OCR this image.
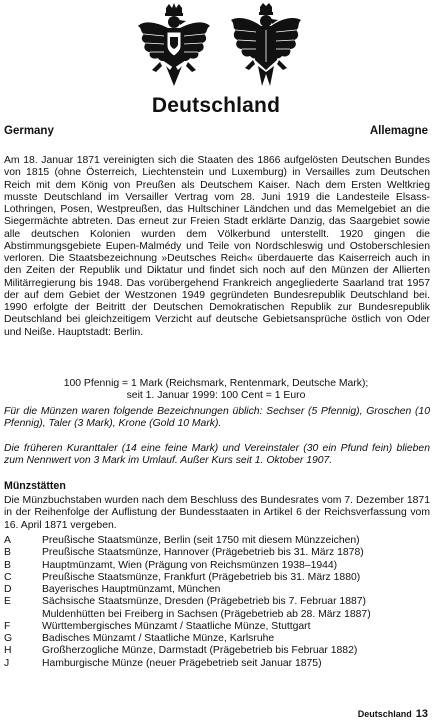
Deutschland
Germany	Allemagne

Am 18. Januar 1871 vereinigten sich die Staaten des 1866 aufgelösten Deutschen Bundes von 1815 (ohne Österreich, Liechtenstein und Luxemburg) in Versailles zum Deutschen Reich mit dem König von Preußen als Deutschem Kaiser. Nach dem Ersten Weltkrieg musste Deutschland im Versailler Vertrag vom 28. Juni 1919 die Landesteile Elsass-Lothringen, Posen, Westpreußen, das Hultschiner Ländchen und das Memelgebiet an die Siegermächte abtreten. Das erneut zur Freien Stadt erklärte Danzig, das Saargebiet sowie alle deutschen Kolonien wurden dem Völkerbund unterstellt. 1920 gingen die Abstimmungsgebiete Eupen-Malmédy und Teile von Nordschleswig und Ostoberschlesien verloren. Die Staatsbezeichnung »Deutsches Reich« überdauerte das Kaiserreich auch in den Zeiten der Republik und Diktatur und findet sich noch auf den Münzen der Allierten Militärregierung bis 1948. Das vorübergehend Frankreich angegliederte Saarland trat 1957 der auf dem Gebiet der Westzonen 1949 gegründeten Bundesrepublik Deutschland bei. 1990 erfolgte der Beitritt der Deutschen Demokratischen Republik zur Bundesrepublik Deutschland bei gleichzeitigem Verzicht auf deutsche Gebietsansprüche östlich von Oder und Neiße. Hauptstadt: Berlin.

100 Pfennig = 1 Mark (Reichsmark, Rentenmark, Deutsche Mark);
seit 1. Januar 1999: 100 Cent = 1 Euro

Für die Münzen waren folgende Bezeichnungen üblich: Sechser (5 Pfennig), Groschen (10 Pfennig), Taler (3 Mark), Krone (Gold 10 Mark).

Die früheren Kuranttaler (14 eine feine Mark) und Vereinstaler (30 ein Pfund fein) blieben zum Nennwert von 3 Mark im Umlauf. Außer Kurs seit 1. Oktober 1907.

Münzstätten

Die Münzbuchstaben wurden nach dem Beschluss des Bundesrates vom 7. Dezember 1871 in der Reihenfolge der Auflistung der Bundesstaaten in Artikel 6 der Reichsverfassung vom 16. April 1871 vergeben.

A	Preußische Staatsmünze, Berlin (seit 1750 mit diesem Münzzeichen)
B	Preußische Staatsmünze, Hannover (Prägebetrieb bis 31. März 1878)
B	Hauptmünzamt, Wien (Prägung von Reichsmünzen 1938–1944)
C	Preußische Staatsmünze, Frankfurt (Prägebetrieb bis 31. März 1880)
D	Bayerisches Hauptmünzamt, München
E	Sächsische Staatsmünze, Dresden (Prägebetrieb bis 7. Februar 1887)
Muldenhütten bei Freiberg in Sachsen (Prägebetrieb ab 28. März 1887)
F	Württembergisches Münzamt / Staatliche Münze, Stuttgart
G	Badisches Münzamt / Staatliche Münze, Karlsruhe
H	Großherzogliche Münze, Darmstadt (Prägebetrieb bis Februar 1882)
J	Hamburgische Münze (neuer Prägebetrieb seit Januar 1875)
Deutschland 13
